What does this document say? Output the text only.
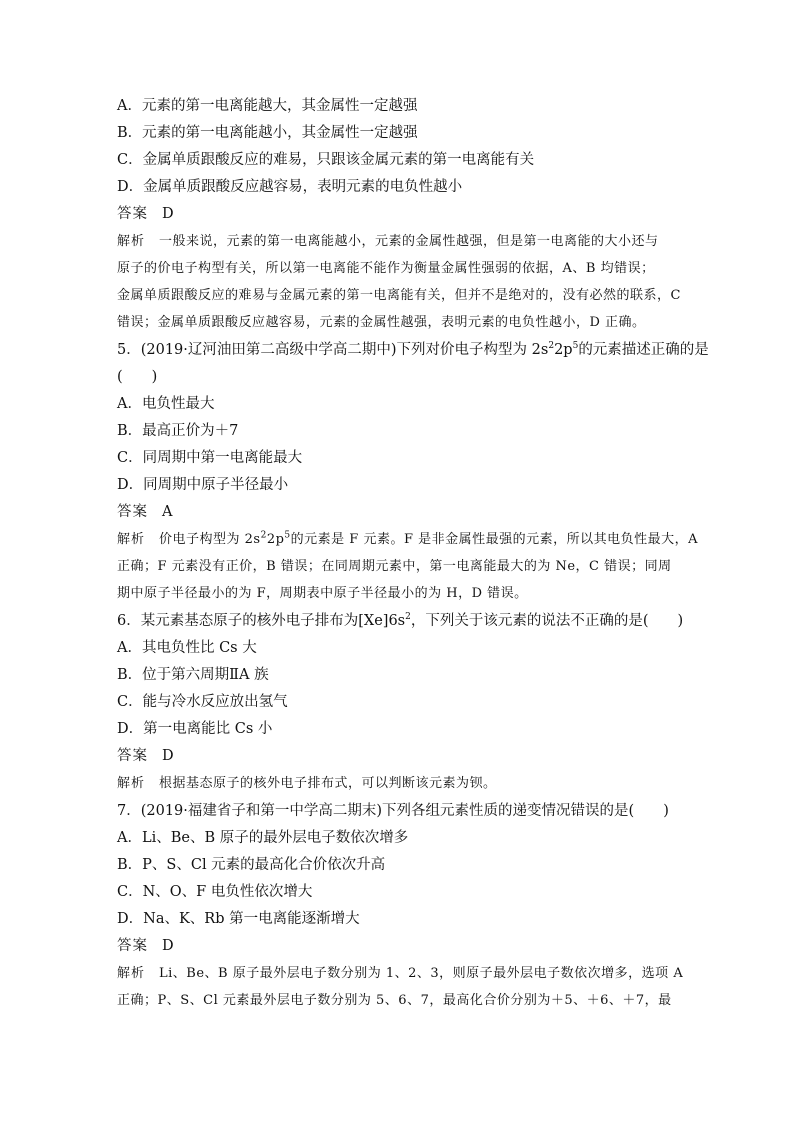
A．元素的第一电离能越大，其金属性一定越强
B．元素的第一电离能越小，其金属性一定越强
C．金属单质跟酸反应的难易，只跟该金属元素的第一电离能有关
D．金属单质跟酸反应越容易，表明元素的电负性越小
答案 D
解析 一般来说，元素的第一电离能越小，元素的金属性越强，但是第一电离能的大小还与
原子的价电子构型有关，所以第一电离能不能作为衡量金属性强弱的依据，A、B 均错误；
金属单质跟酸反应的难易与金属元素的第一电离能有关，但并不是绝对的，没有必然的联系，C
错误；金属单质跟酸反应越容易，元素的金属性越强，表明元素的电负性越小，D 正确。
5．(2019·辽河油田第二高级中学高二期中)下列对价电子构型为 $2s^22p^5$的元素描述正确的是
(　　)
A．电负性最大
B．最高正价为＋7
C．同周期中第一电离能最大
D．同周期中原子半径最小
答案 A
解析 价电子构型为 $2s^22p^5$的元素是 F 元素。F 是非金属性最强的元素，所以其电负性最大，A
正确；F 元素没有正价，B 错误；在同周期元素中，第一电离能最大的为 Ne，C 错误；同周
期中原子半径最小的为 F，周期表中原子半径最小的为 H，D 错误。
6．某元素基态原子的核外电子排布为$[Xe]6s^2$，下列关于该元素的说法不正确的是(　　)
A．其电负性比 Cs 大
B．位于第六周期ⅡA 族
C．能与冷水反应放出氢气
D．第一电离能比 Cs 小
答案 D
解析 根据基态原子的核外电子排布式，可以判断该元素为钡。
7．(2019·福建省子和第一中学高二期末)下列各组元素性质的递变情况错误的是(　　)
A．Li、Be、B 原子的最外层电子数依次增多
B．P、S、Cl 元素的最高化合价依次升高
C．N、O、F 电负性依次增大
D．Na、K、Rb 第一电离能逐渐增大
答案 D
解析 Li、Be、B 原子最外层电子数分别为 1、2、3，则原子最外层电子数依次增多，选项 A
正确；P、S、Cl 元素最外层电子数分别为 5、6、7，最高化合价分别为＋5、＋6、＋7，最
